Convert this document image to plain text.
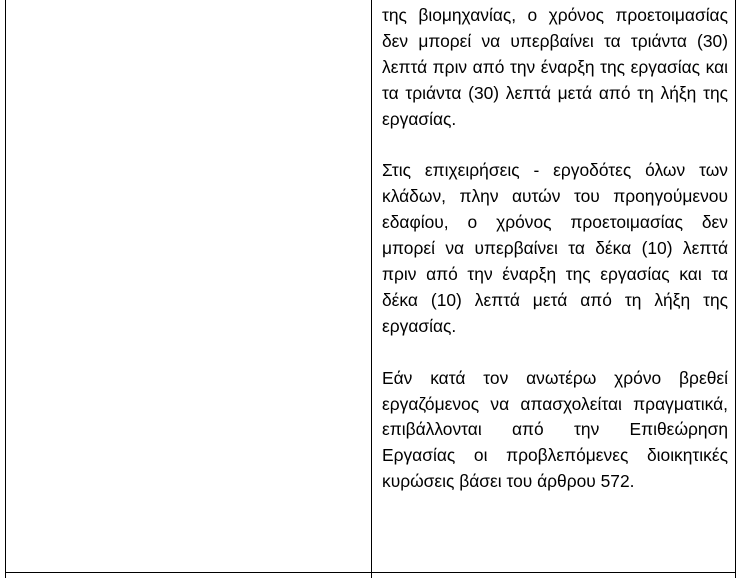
της βιομηχανίας, ο χρόνος προετοιμασίας δεν μπορεί να υπερβαίνει τα τριάντα (30) λεπτά πριν από την έναρξη της εργασίας και τα τριάντα (30) λεπτά μετά από τη λήξη της εργασίας.

Στις επιχειρήσεις - εργοδότες όλων των κλάδων, πλην αυτών του προηγούμενου εδαφίου, ο χρόνος προετοιμασίας δεν μπορεί να υπερβαίνει τα δέκα (10) λεπτά πριν από την έναρξη της εργασίας και τα δέκα (10) λεπτά μετά από τη λήξη της εργασίας.

Εάν κατά τον ανωτέρω χρόνο βρεθεί εργαζόμενος να απασχολείται πραγματικά, επιβάλλονται από την Επιθεώρηση Εργασίας οι προβλεπόμενες διοικητικές κυρώσεις βάσει του άρθρου 572.
